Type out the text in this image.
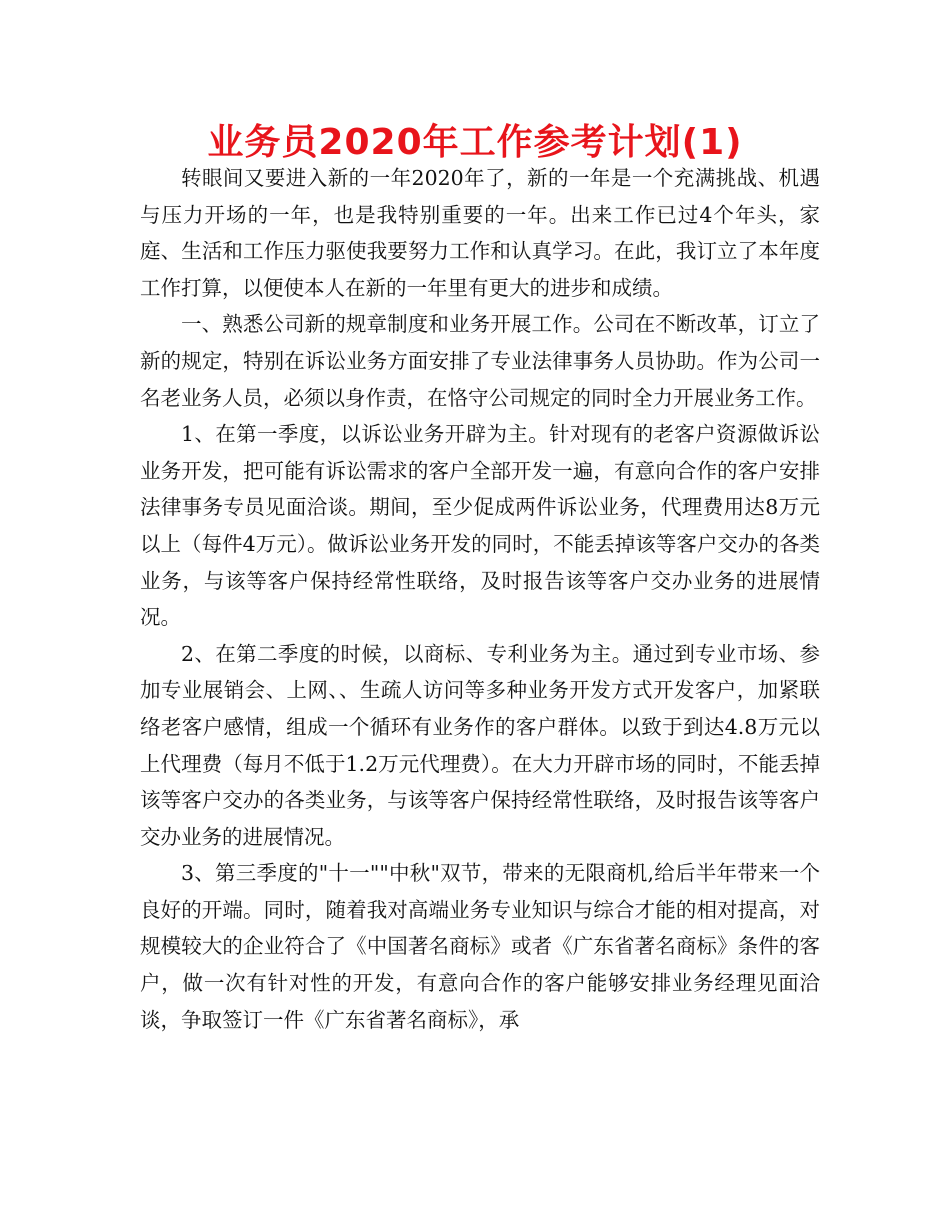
业务员2020年工作参考计划(1)

转眼间又要进入新的一年2020年了，新的一年是一个充满挑战、机遇与压力开场的一年，也是我特别重要的一年。出来工作已过4个年头，家庭、生活和工作压力驱使我要努力工作和认真学习。在此，我订立了本年度工作打算，以便使本人在新的一年里有更大的进步和成绩。

一、熟悉公司新的规章制度和业务开展工作。公司在不断改革，订立了新的规定，特别在诉讼业务方面安排了专业法律事务人员协助。作为公司一名老业务人员，必须以身作责，在恪守公司规定的同时全力开展业务工作。

1、在第一季度，以诉讼业务开辟为主。针对现有的老客户资源做诉讼业务开发，把可能有诉讼需求的客户全部开发一遍，有意向合作的客户安排法律事务专员见面洽谈。期间，至少促成两件诉讼业务，代理费用达8万元以上（每件4万元）。做诉讼业务开发的同时，不能丢掉该等客户交办的各类业务，与该等客户保持经常性联络，及时报告该等客户交办业务的进展情况。

2、在第二季度的时候，以商标、专利业务为主。通过到专业市场、参加专业展销会、上网、、生疏人访问等多种业务开发方式开发客户，加紧联络老客户感情，组成一个循环有业务作的客户群体。以致于到达4.8万元以上代理费（每月不低于1.2万元代理费）。在大力开辟市场的同时，不能丢掉该等客户交办的各类业务，与该等客户保持经常性联络，及时报告该等客户交办业务的进展情况。

3、第三季度的"十一""中秋"双节，带来的无限商机,给后半年带来一个良好的开端。同时，随着我对高端业务专业知识与综合才能的相对提高，对规模较大的企业符合了《中国著名商标》或者《广东省著名商标》条件的客户，做一次有针对性的开发，有意向合作的客户能够安排业务经理见面洽谈，争取签订一件《广东省著名商标》，承
